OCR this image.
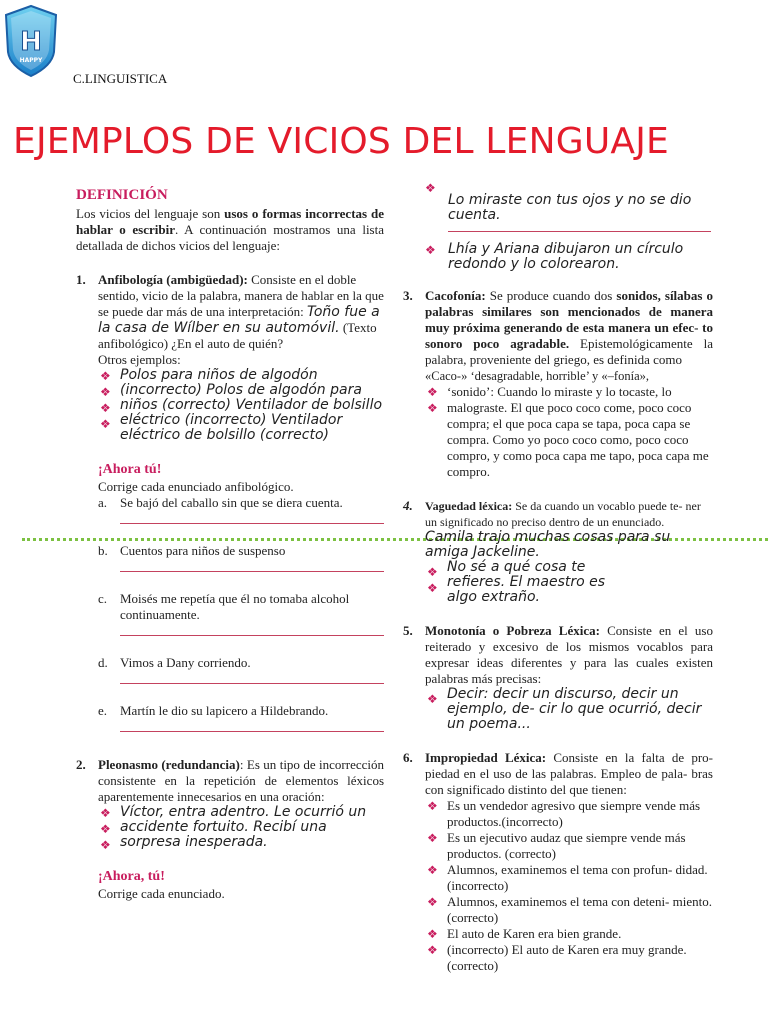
H
HAPPY
C.LINGUISTICA
EJEMPLOS DE VICIOS DEL LENGUAJE
DEFINICIÓN

Los vicios del lenguaje son usos o formas incorrectas de hablar o escribir. A continuación mostramos una lista detallada de dichos vicios del lenguaje:

1. Anfibología (ambigüedad): Consiste en el doble sentido, vicio de la palabra, manera de hablar en la que se puede dar más de una interpretación: Toño fue a la casa de Wílber en su automóvil. (Texto anfibológico) ¿En el auto de quién?
Otros ejemplos:
❖
❖
❖
❖
Polos para niños de algodón (incorrecto) Polos de algodón para niños (correcto) Ventilador de bolsillo eléctrico (incorrecto) Ventilador eléctrico de bolsillo (correcto)
¡Ahora tú!
Corrige cada enunciado anfibológico.
a. Se bajó del caballo sin que se diera cuenta.
b. Cuentos para niños de suspenso
c. Moisés me repetía que él no tomaba alcohol continuamente.
d. Vimos a Dany corriendo.
e. Martín le dio su lapicero a Hildebrando.
2. Pleonasmo (redundancia): Es un tipo de incorrección consistente en la repetición de elementos léxicos aparentemente innecesarios en una oración:
❖
❖
❖
Víctor, entra adentro. Le ocurrió un accidente fortuito. Recibí una sorpresa inesperada.
¡Ahora, tú!
Corrige cada enunciado.
❖
Lo miraste con tus ojos y no se dio cuenta.
❖ Lhía y Ariana dibujaron un círculo redondo y lo colorearon.
3. Cacofonía: Se produce cuando dos sonidos, sílabas o palabras similares son mencionados de manera muy próxima generando de esta manera un efec- to sonoro poco agradable. Epistemológicamente la palabra, proveniente del griego, es definida como
«Caco-» ‘desagradable, horrible’ y «–fonía»,
❖ ‘sonido’: Cuando lo miraste y lo tocaste, lo
❖ malograste. El que poco coco come, poco coco compra; el que poca capa se tapa, poca capa se compra. Como yo poco coco como, poco coco compro, y como poca capa me tapo, poca capa me compro.
4. Vaguedad léxica: Se da cuando un vocablo puede te- ner un significado no preciso dentro de un enunciado.
Camila trajo muchas cosas para su amiga Jackeline.
❖
❖
No sé a qué cosa te refieres. El maestro es algo extraño.
5. Monotonía o Pobreza Léxica: Consiste en el uso reiterado y excesivo de los mismos vocablos para expresar ideas diferentes y para las cuales existen palabras más precisas:
❖ Decir: decir un discurso, decir un ejemplo, de- cir lo que ocurrió, decir un poema...
6. Impropiedad Léxica: Consiste en la falta de pro- piedad en el uso de las palabras. Empleo de pala- bras con significado distinto del que tienen:
❖ Es un vendedor agresivo que siempre vende más productos.(incorrecto)
❖ Es un ejecutivo audaz que siempre vende más productos. (correcto)
❖ Alumnos, examinemos el tema con profun- didad. (incorrecto)
❖ Alumnos, examinemos el tema con deteni- miento. (correcto)
❖ El auto de Karen era bien grande.
❖ (incorrecto) El auto de Karen era muy grande. (correcto)
